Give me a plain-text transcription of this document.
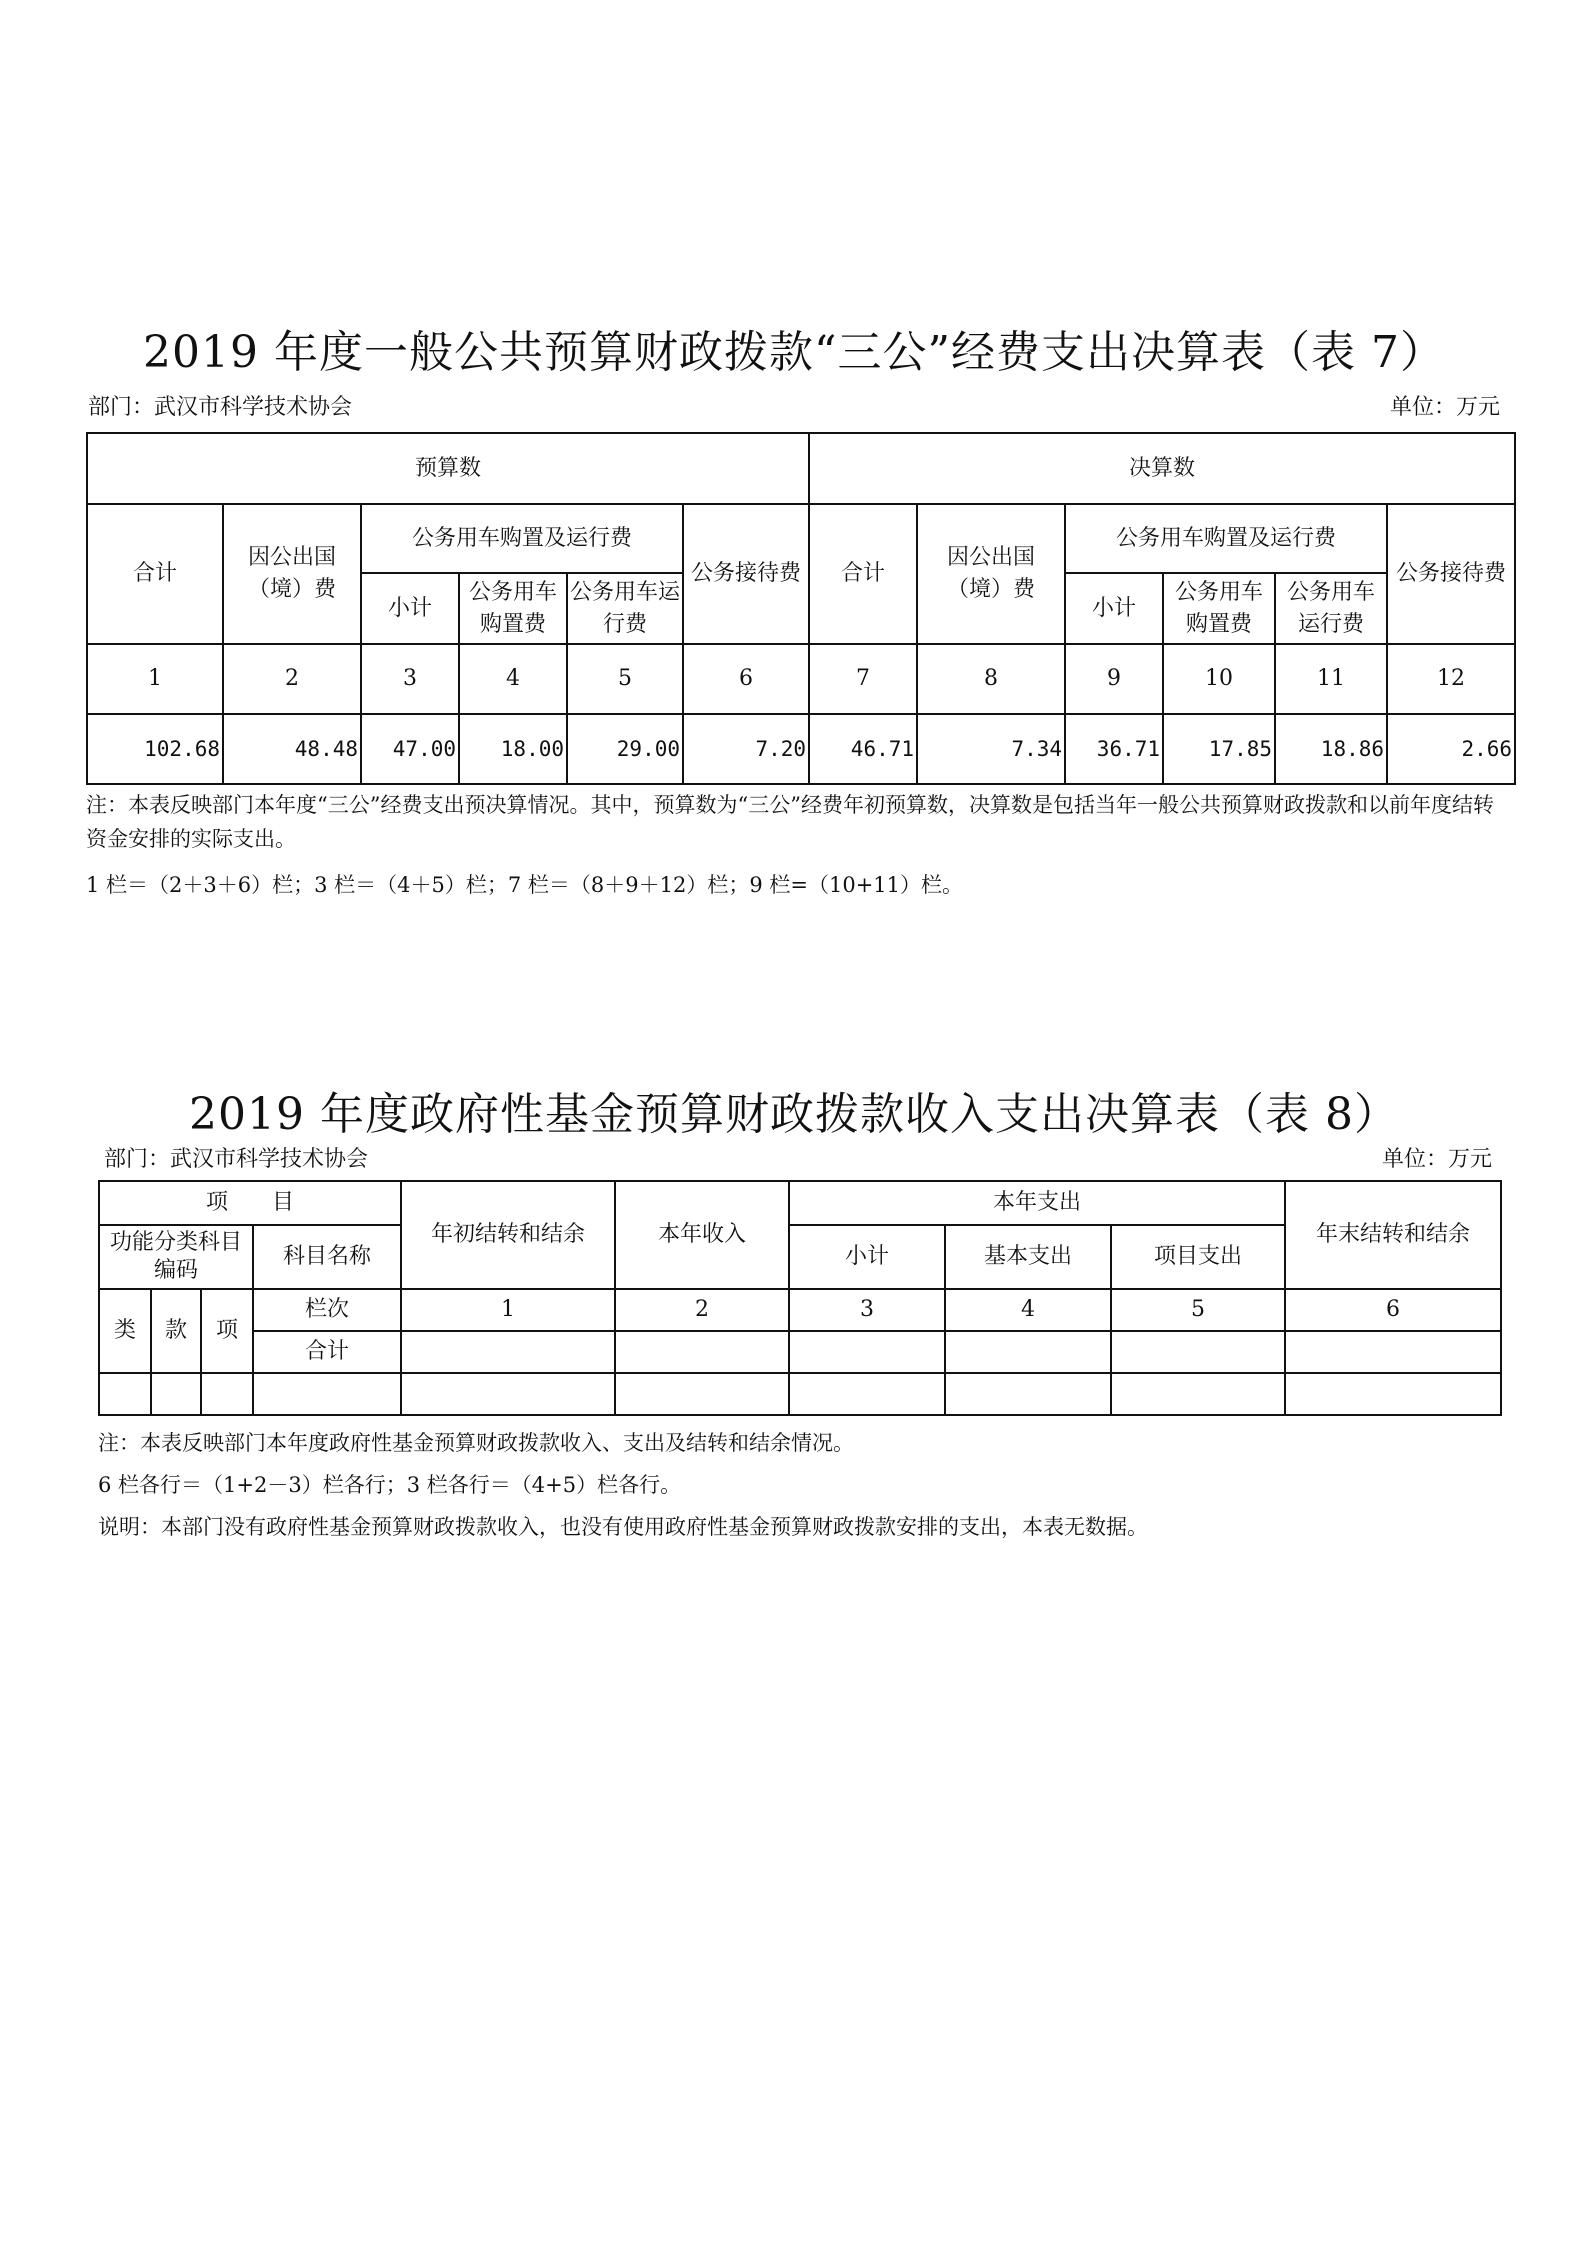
2019 年度一般公共预算财政拨款“三公”经费支出决算表（表 7）
部门：武汉市科学技术协会	单位：万元
预算数						决算数					
合计	因公出国（境）费	公务用车购置及运行费			公务接待费	合计	因公出国（境）费	公务用车购置及运行费			公务接待费
		小计	公务用车购置费	公务用车运行费				小计	公务用车购置费	公务用车运行费	
1	2	3	4	5	6	7	8	9	10	11	12
102.68	48.48	47.00	18.00	29.00	7.20	46.71	7.34	36.71	17.85	18.86	2.66
注：本表反映部门本年度“三公”经费支出预决算情况。其中，预算数为“三公”经费年初预算数，决算数是包括当年一般公共预算财政拨款和以前年度结转资金安排的实际支出。
1 栏＝（2＋3＋6）栏；3 栏＝（4＋5）栏；7 栏＝（8＋9＋12）栏；9 栏=（10+11）栏。
2019 年度政府性基金预算财政拨款收入支出决算表（表 8）
部门：武汉市科学技术协会	单位：万元
项　　目				年初结转和结余	本年收入	本年支出			年末结转和结余
功能分类科目编码			科目名称			小计	基本支出	项目支出	
类	款	项	栏次	1	2	3	4	5	6
			合计						

注：本表反映部门本年度政府性基金预算财政拨款收入、支出及结转和结余情况。
6 栏各行＝（1+2－3）栏各行；3 栏各行＝（4+5）栏各行。
说明：本部门没有政府性基金预算财政拨款收入，也没有使用政府性基金预算财政拨款安排的支出，本表无数据。
